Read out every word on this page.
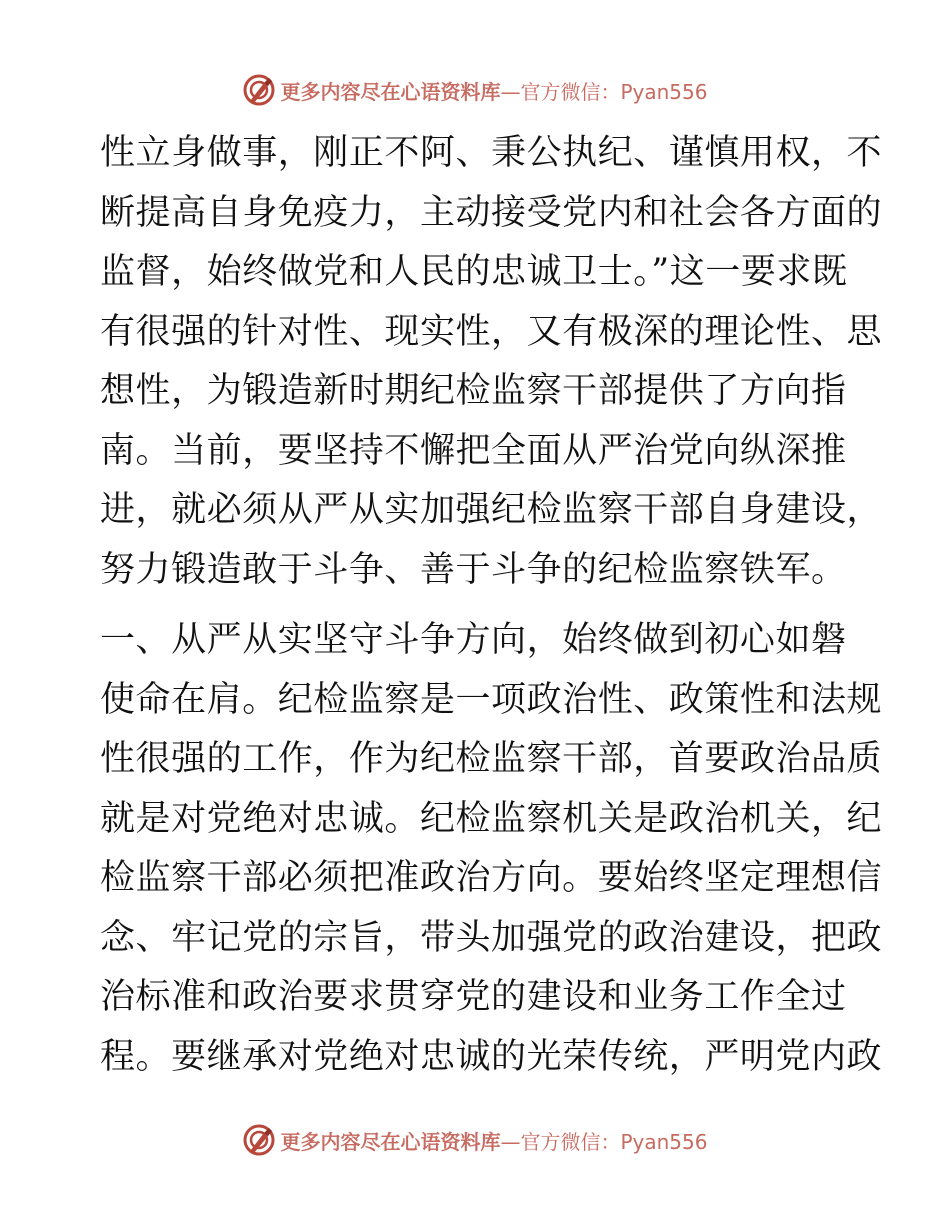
更多内容尽在心语资料库 —官方微信：Pyan556
性立身做事，刚正不阿、秉公执纪、谨慎用权，不
断提高自身免疫力，主动接受党内和社会各方面的
监督，始终做党和人民的忠诚卫士。”这一要求既
有很强的针对性、现实性，又有极深的理论性、思
想性，为锻造新时期纪检监察干部提供了方向指
南。当前，要坚持不懈把全面从严治党向纵深推
进，就必须从严从实加强纪检监察干部自身建设，
努力锻造敢于斗争、善于斗争的纪检监察铁军。
一、从严从实坚守斗争方向，始终做到初心如磐
使命在肩。纪检监察是一项政治性、政策性和法规
性很强的工作，作为纪检监察干部，首要政治品质
就是对党绝对忠诚。纪检监察机关是政治机关，纪
检监察干部必须把准政治方向。要始终坚定理想信
念、牢记党的宗旨，带头加强党的政治建设，把政
治标准和政治要求贯穿党的建设和业务工作全过
程。要继承对党绝对忠诚的光荣传统，严明党内政
更多内容尽在心语资料库 —官方微信：Pyan556
